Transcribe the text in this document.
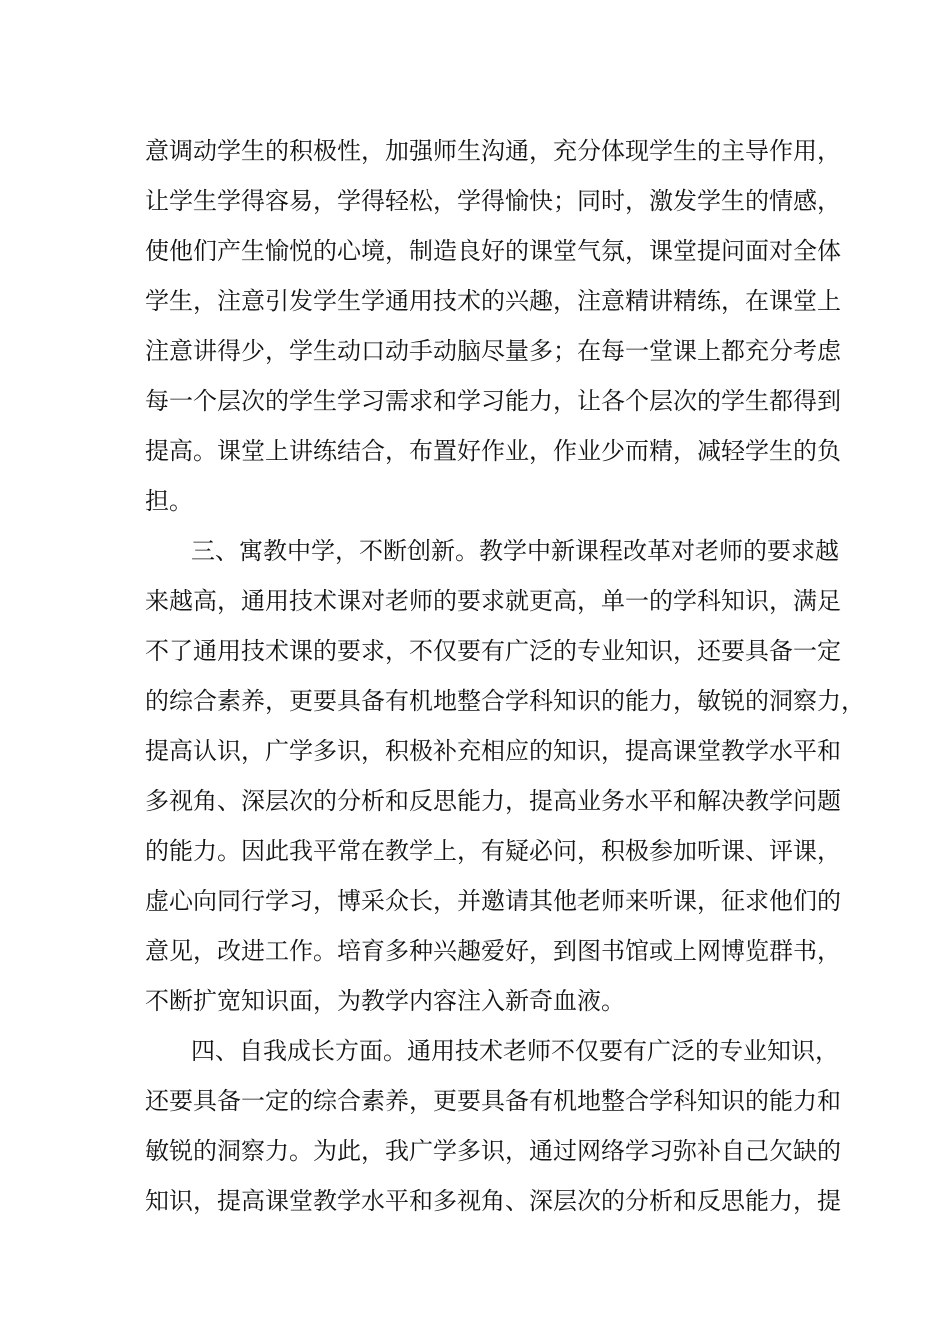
意调动学生的积极性，加强师生沟通，充分体现学生的主导作用，
让学生学得容易，学得轻松，学得愉快；同时，激发学生的情感，
使他们产生愉悦的心境，制造良好的课堂气氛，课堂提问面对全体
学生，注意引发学生学通用技术的兴趣，注意精讲精练，在课堂上
注意讲得少，学生动口动手动脑尽量多；在每一堂课上都充分考虑
每一个层次的学生学习需求和学习能力，让各个层次的学生都得到
提高。课堂上讲练结合，布置好作业，作业少而精，减轻学生的负
担。
三、寓教中学，不断创新。教学中新课程改革对老师的要求越
来越高，通用技术课对老师的要求就更高，单一的学科知识，满足
不了通用技术课的要求，不仅要有广泛的专业知识，还要具备一定
的综合素养，更要具备有机地整合学科知识的能力，敏锐的洞察力，
提高认识，广学多识，积极补充相应的知识，提高课堂教学水平和
多视角、深层次的分析和反思能力，提高业务水平和解决教学问题
的能力。因此我平常在教学上，有疑必问，积极参加听课、评课，
虚心向同行学习，博采众长，并邀请其他老师来听课，征求他们的
意见，改进工作。培育多种兴趣爱好，到图书馆或上网博览群书，
不断扩宽知识面，为教学内容注入新奇血液。
四、自我成长方面。通用技术老师不仅要有广泛的专业知识，
还要具备一定的综合素养，更要具备有机地整合学科知识的能力和
敏锐的洞察力。为此，我广学多识，通过网络学习弥补自己欠缺的
知识，提高课堂教学水平和多视角、深层次的分析和反思能力，提
